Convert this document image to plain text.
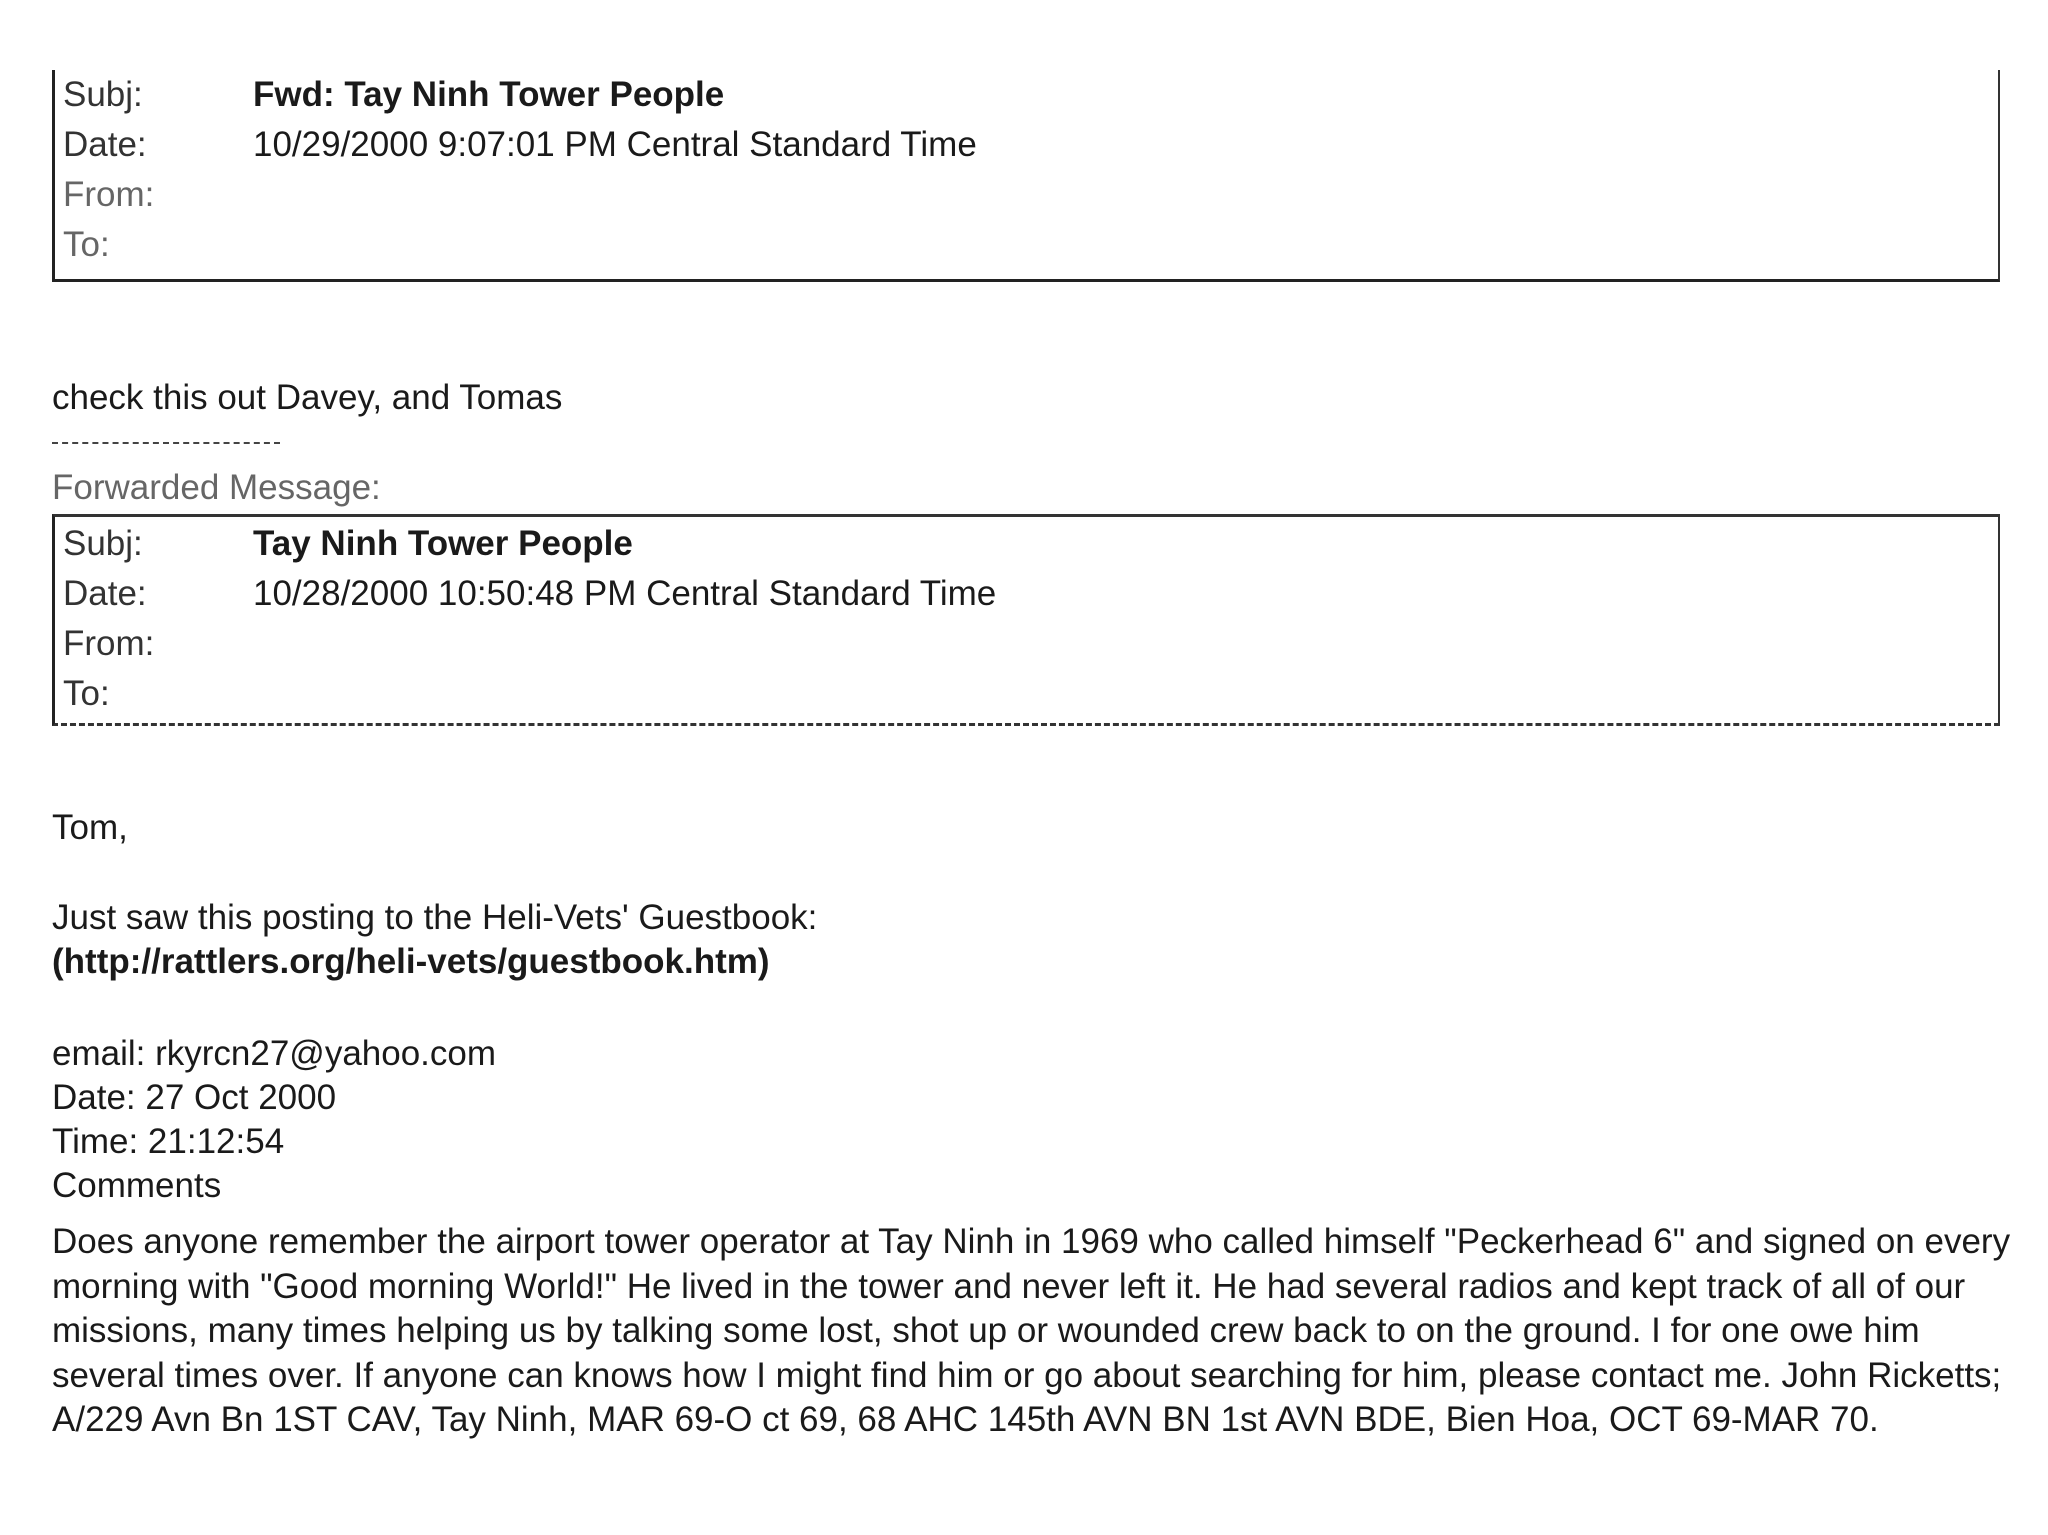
Subj:	Fwd: Tay Ninh Tower People
Date:	10/29/2000 9:07:01 PM Central Standard Time
From:
To:
check this out Davey, and Tomas
Forwarded Message:
Subj:	Tay Ninh Tower People
Date:	10/28/2000 10:50:48 PM Central Standard Time
From:
To:
Tom,
Just saw this posting to the Heli-Vets' Guestbook:
(http://rattlers.org/heli-vets/guestbook.htm)
email: rkyrcn27@yahoo.com
Date: 27 Oct 2000
Time: 21:12:54
Comments
Does anyone remember the airport tower operator at Tay Ninh in 1969 who called himself "Peckerhead 6" and signed on every morning with "Good morning World!" He lived in the tower and never left it. He had several radios and kept track of all of our missions, many times helping us by talking some lost, shot up or wounded crew back to on the ground. I for one owe him several times over. If anyone can knows how I might find him or go about searching for him, please contact me. John Ricketts; A/229 Avn Bn 1ST CAV, Tay Ninh, MAR 69-O ct 69, 68 AHC 145th AVN BN 1st AVN BDE, Bien Hoa, OCT 69-MAR 70.
